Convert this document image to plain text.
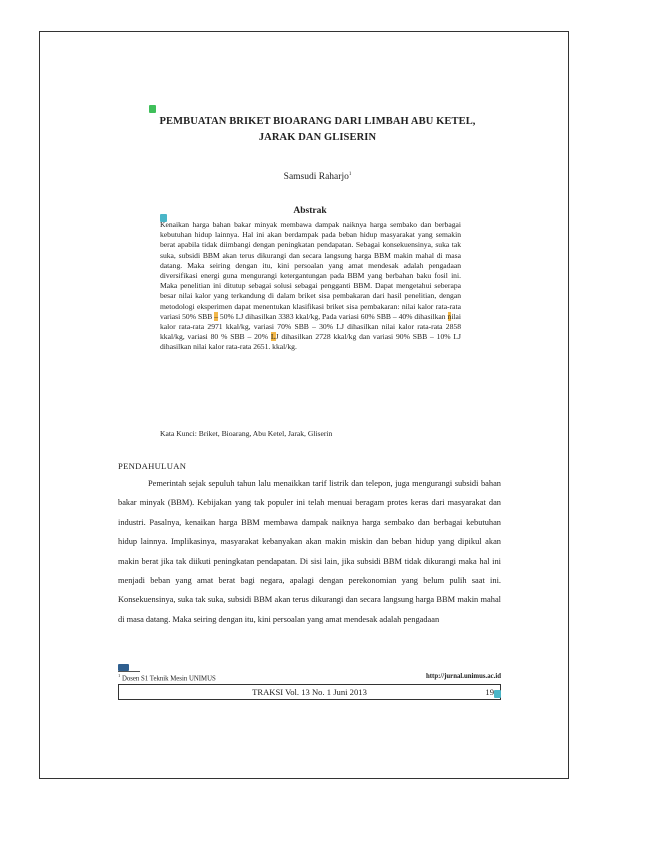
PEMBUATAN BRIKET BIOARANG DARI LIMBAH ABU KETEL,
JARAK DAN GLISERIN
Samsudi Raharjo$^1$
Abstrak
Kenaikan harga bahan bakar minyak membawa dampak naiknya harga sembako dan berbagai kebutuhan hidup lainnya. Hal ini akan berdampak pada beban hidup masyarakat yang semakin berat apabila tidak diimbangi dengan peningkatan pendapatan. Sebagai konsekuensinya, suka tak suka, subsidi BBM akan terus dikurangi dan secara langsung harga BBM makin mahal di masa datang. Maka seiring dengan itu, kini persoalan yang amat mendesak adalah pengadaan diversifikasi energi guna mengurangi ketergantungan pada BBM yang berbahan baku fosil ini. Maka penelitian ini ditutup sebagai solusi sebagai pengganti BBM. Dapat mengetahui seberapa besar nilai kalor yang terkandung di dalam briket sisa pembakaran dari hasil penelitian, dengan metodologi eksperimen dapat menentukan klasifikasi briket sisa pembakaran: nilai kalor rata-rata variasi 50% SBB – 50% LJ dihasilkan 3383 kkal/kg, Pada variasi 60% SBB – 40% dihasilkan nilai kalor rata-rata 2971 kkal/kg, variasi 70% SBB – 30% LJ dihasilkan nilai kalor rata-rata 2858 kkal/kg, variasi 80 % SBB – 20% LJ dihasilkan 2728 kkal/kg dan variasi 90% SBB – 10% LJ dihasilkan nilai kalor rata-rata 2651. kkal/kg.
Kata Kunci: Briket, Bioarang, Abu Ketel, Jarak, Gliserin
PENDAHULUAN
Pemerintah sejak sepuluh tahun lalu menaikkan tarif listrik dan telepon, juga mengurangi subsidi bahan bakar minyak (BBM). Kebijakan yang tak populer ini telah menuai beragam protes keras dari masyarakat dan industri. Pasalnya, kenaikan harga BBM membawa dampak naiknya harga sembako dan berbagai kebutuhan hidup lainnya. Implikasinya, masyarakat kebanyakan akan makin miskin dan beban hidup yang dipikul akan makin berat jika tak diikuti peningkatan pendapatan. Di sisi lain, jika subsidi BBM tidak dikurangi maka hal ini menjadi beban yang amat berat bagi negara, apalagi dengan perekonomian yang belum pulih saat ini. Konsekuensinya, suka tak suka, subsidi BBM akan terus dikurangi dan secara langsung harga BBM makin mahal di masa datang. Maka seiring dengan itu, kini persoalan yang amat mendesak adalah pengadaan
$^1$ Dosen S1 Teknik Mesin UNIMUS	http://jurnal.unimus.ac.id
TRAKSI Vol. 13 No. 1 Juni 2013	19
